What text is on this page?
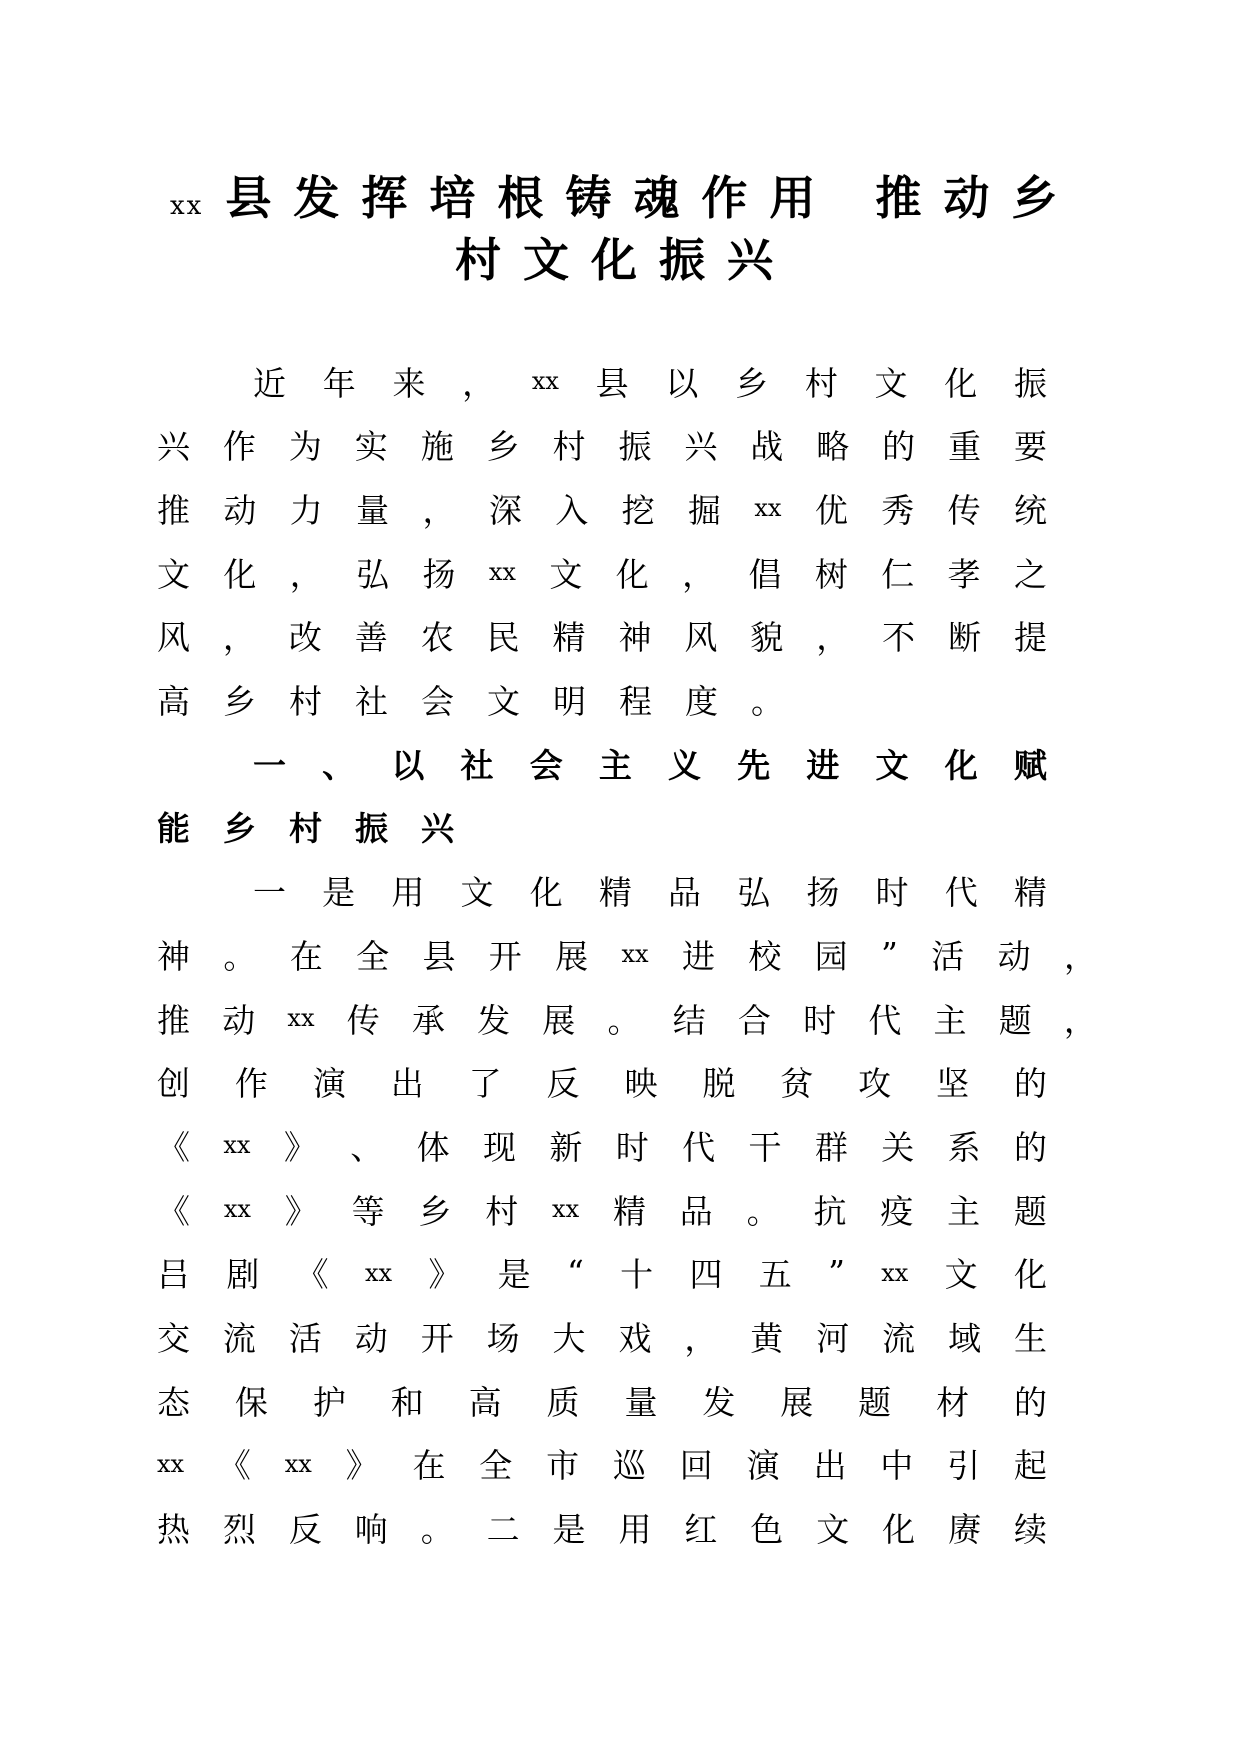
xx 县发挥培根铸魂作用 推动乡
村文化振兴
近 年 来 ， xx 县 以 乡 村 文 化 振
兴 作 为 实 施 乡 村 振 兴 战 略 的 重 要
推 动 力 量 ， 深 入 挖 掘 xx 优 秀 传 统
文 化 ， 弘 扬 xx 文 化 ， 倡 树 仁 孝 之
风 ， 改 善 农 民 精 神 风 貌 ， 不 断 提
高 乡 村 社 会 文 明 程 度 。
一 、 以 社 会 主 义 先 进 文 化 赋
能 乡 村 振 兴
一 是 用 文 化 精 品 弘 扬 时 代 精
神 。 在 全 县 开 展 xx 进 校 园 ” 活 动 ，
推 动 xx 传 承 发 展 。 结 合 时 代 主 题 ，
创 作 演 出 了 反 映 脱 贫 攻 坚 的
《 xx 》 、 体 现 新 时 代 干 群 关 系 的
《 xx 》 等 乡 村 xx 精 品 。 抗 疫 主 题
吕 剧 《 xx 》 是 “ 十 四 五 ” xx 文 化
交 流 活 动 开 场 大 戏 ， 黄 河 流 域 生
态 保 护 和 高 质 量 发 展 题 材 的
xx 《 xx 》 在 全 市 巡 回 演 出 中 引 起
热 烈 反 响 。 二 是 用 红 色 文 化 赓 续
